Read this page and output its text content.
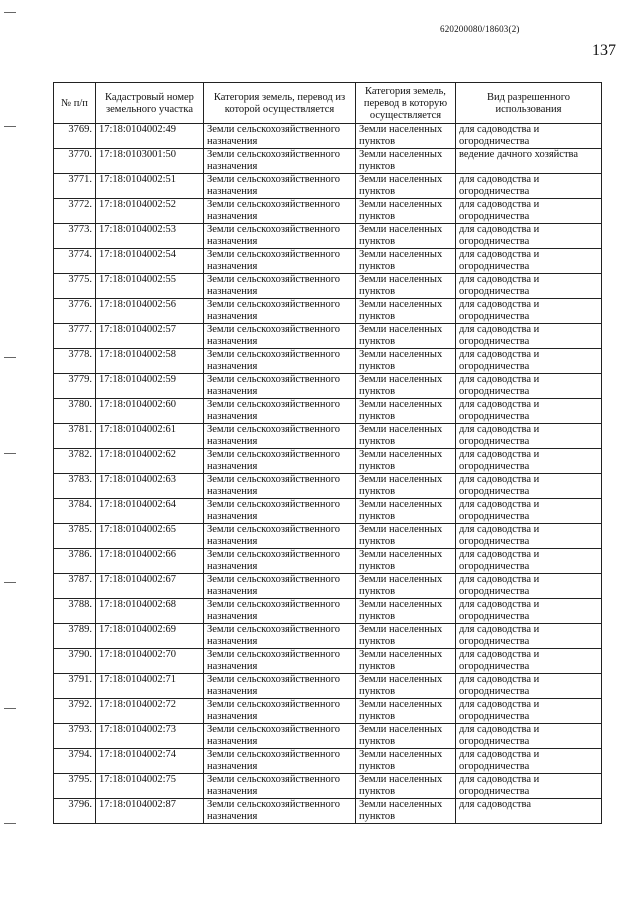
620200080/18603(2)
137
№ п/п	Кадастровый номер земельного участка	Категория земель, перевод из которой осуществляется	Категория земель, перевод в которую осуществляется	Вид разрешенного использования
3769.	17:18:0104002:49	Земли сельскохозяйственного назначения	Земли населенных пунктов	для садоводства и огородничества
3770.	17:18:0103001:50	Земли сельскохозяйственного назначения	Земли населенных пунктов	ведение дачного хозяйства
3771.	17:18:0104002:51	Земли сельскохозяйственного назначения	Земли населенных пунктов	для садоводства и огородничества
3772.	17:18:0104002:52	Земли сельскохозяйственного назначения	Земли населенных пунктов	для садоводства и огородничества
3773.	17:18:0104002:53	Земли сельскохозяйственного назначения	Земли населенных пунктов	для садоводства и огородничества
3774.	17:18:0104002:54	Земли сельскохозяйственного назначения	Земли населенных пунктов	для садоводства и огородничества
3775.	17:18:0104002:55	Земли сельскохозяйственного назначения	Земли населенных пунктов	для садоводства и огородничества
3776.	17:18:0104002:56	Земли сельскохозяйственного назначения	Земли населенных пунктов	для садоводства и огородничества
3777.	17:18:0104002:57	Земли сельскохозяйственного назначения	Земли населенных пунктов	для садоводства и огородничества
3778.	17:18:0104002:58	Земли сельскохозяйственного назначения	Земли населенных пунктов	для садоводства и огородничества
3779.	17:18:0104002:59	Земли сельскохозяйственного назначения	Земли населенных пунктов	для садоводства и огородничества
3780.	17:18:0104002:60	Земли сельскохозяйственного назначения	Земли населенных пунктов	для садоводства и огородничества
3781.	17:18:0104002:61	Земли сельскохозяйственного назначения	Земли населенных пунктов	для садоводства и огородничества
3782.	17:18:0104002:62	Земли сельскохозяйственного назначения	Земли населенных пунктов	для садоводства и огородничества
3783.	17:18:0104002:63	Земли сельскохозяйственного назначения	Земли населенных пунктов	для садоводства и огородничества
3784.	17:18:0104002:64	Земли сельскохозяйственного назначения	Земли населенных пунктов	для садоводства и огородничества
3785.	17:18:0104002:65	Земли сельскохозяйственного назначения	Земли населенных пунктов	для садоводства и огородничества
3786.	17:18:0104002:66	Земли сельскохозяйственного назначения	Земли населенных пунктов	для садоводства и огородничества
3787.	17:18:0104002:67	Земли сельскохозяйственного назначения	Земли населенных пунктов	для садоводства и огородничества
3788.	17:18:0104002:68	Земли сельскохозяйственного назначения	Земли населенных пунктов	для садоводства и огородничества
3789.	17:18:0104002:69	Земли сельскохозяйственного назначения	Земли населенных пунктов	для садоводства и огородничества
3790.	17:18:0104002:70	Земли сельскохозяйственного назначения	Земли населенных пунктов	для садоводства и огородничества
3791.	17:18:0104002:71	Земли сельскохозяйственного назначения	Земли населенных пунктов	для садоводства и огородничества
3792.	17:18:0104002:72	Земли сельскохозяйственного назначения	Земли населенных пунктов	для садоводства и огородничества
3793.	17:18:0104002:73	Земли сельскохозяйственного назначения	Земли населенных пунктов	для садоводства и огородничества
3794.	17:18:0104002:74	Земли сельскохозяйственного назначения	Земли населенных пунктов	для садоводства и огородничества
3795.	17:18:0104002:75	Земли сельскохозяйственного назначения	Земли населенных пунктов	для садоводства и огородничества
3796.	17:18:0104002:87	Земли сельскохозяйственного назначения	Земли населенных пунктов	для садоводства
